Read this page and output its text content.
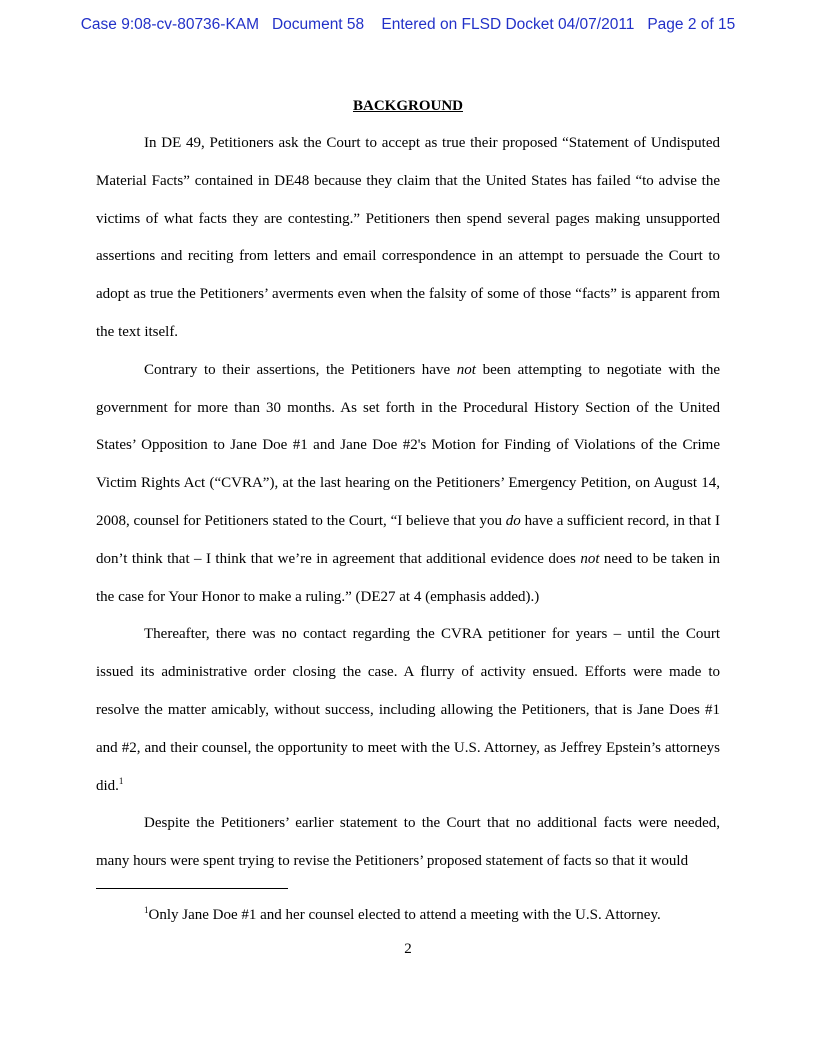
Case 9:08-cv-80736-KAM   Document 58    Entered on FLSD Docket 04/07/2011   Page 2 of 15
BACKGROUND

In DE 49, Petitioners ask the Court to accept as true their proposed “Statement of Undisputed Material Facts” contained in DE48 because they claim that the United States has failed “to advise the victims of what facts they are contesting.” Petitioners then spend several pages making unsupported assertions and reciting from letters and email correspondence in an attempt to persuade the Court to adopt as true the Petitioners’ averments even when the falsity of some of those “facts” is apparent from the text itself.

Contrary to their assertions, the Petitioners have not been attempting to negotiate with the government for more than 30 months. As set forth in the Procedural History Section of the United States’ Opposition to Jane Doe #1 and Jane Doe #2's Motion for Finding of Violations of the Crime Victim Rights Act (“CVRA”), at the last hearing on the Petitioners’ Emergency Petition, on August 14, 2008, counsel for Petitioners stated to the Court, “I believe that you do have a sufficient record, in that I don’t think that – I think that we’re in agreement that additional evidence does not need to be taken in the case for Your Honor to make a ruling.” (DE27 at 4 (emphasis added).)

Thereafter, there was no contact regarding the CVRA petitioner for years – until the Court issued its administrative order closing the case. A flurry of activity ensued. Efforts were made to resolve the matter amicably, without success, including allowing the Petitioners, that is Jane Does #1 and #2, and their counsel, the opportunity to meet with the U.S. Attorney, as Jeffrey Epstein’s attorneys did.$^1$

Despite the Petitioners’ earlier statement to the Court that no additional facts were needed, many hours were spent trying to revise the Petitioners’ proposed statement of facts so that it would

$^1$Only Jane Doe #1 and her counsel elected to attend a meeting with the U.S. Attorney.

2
